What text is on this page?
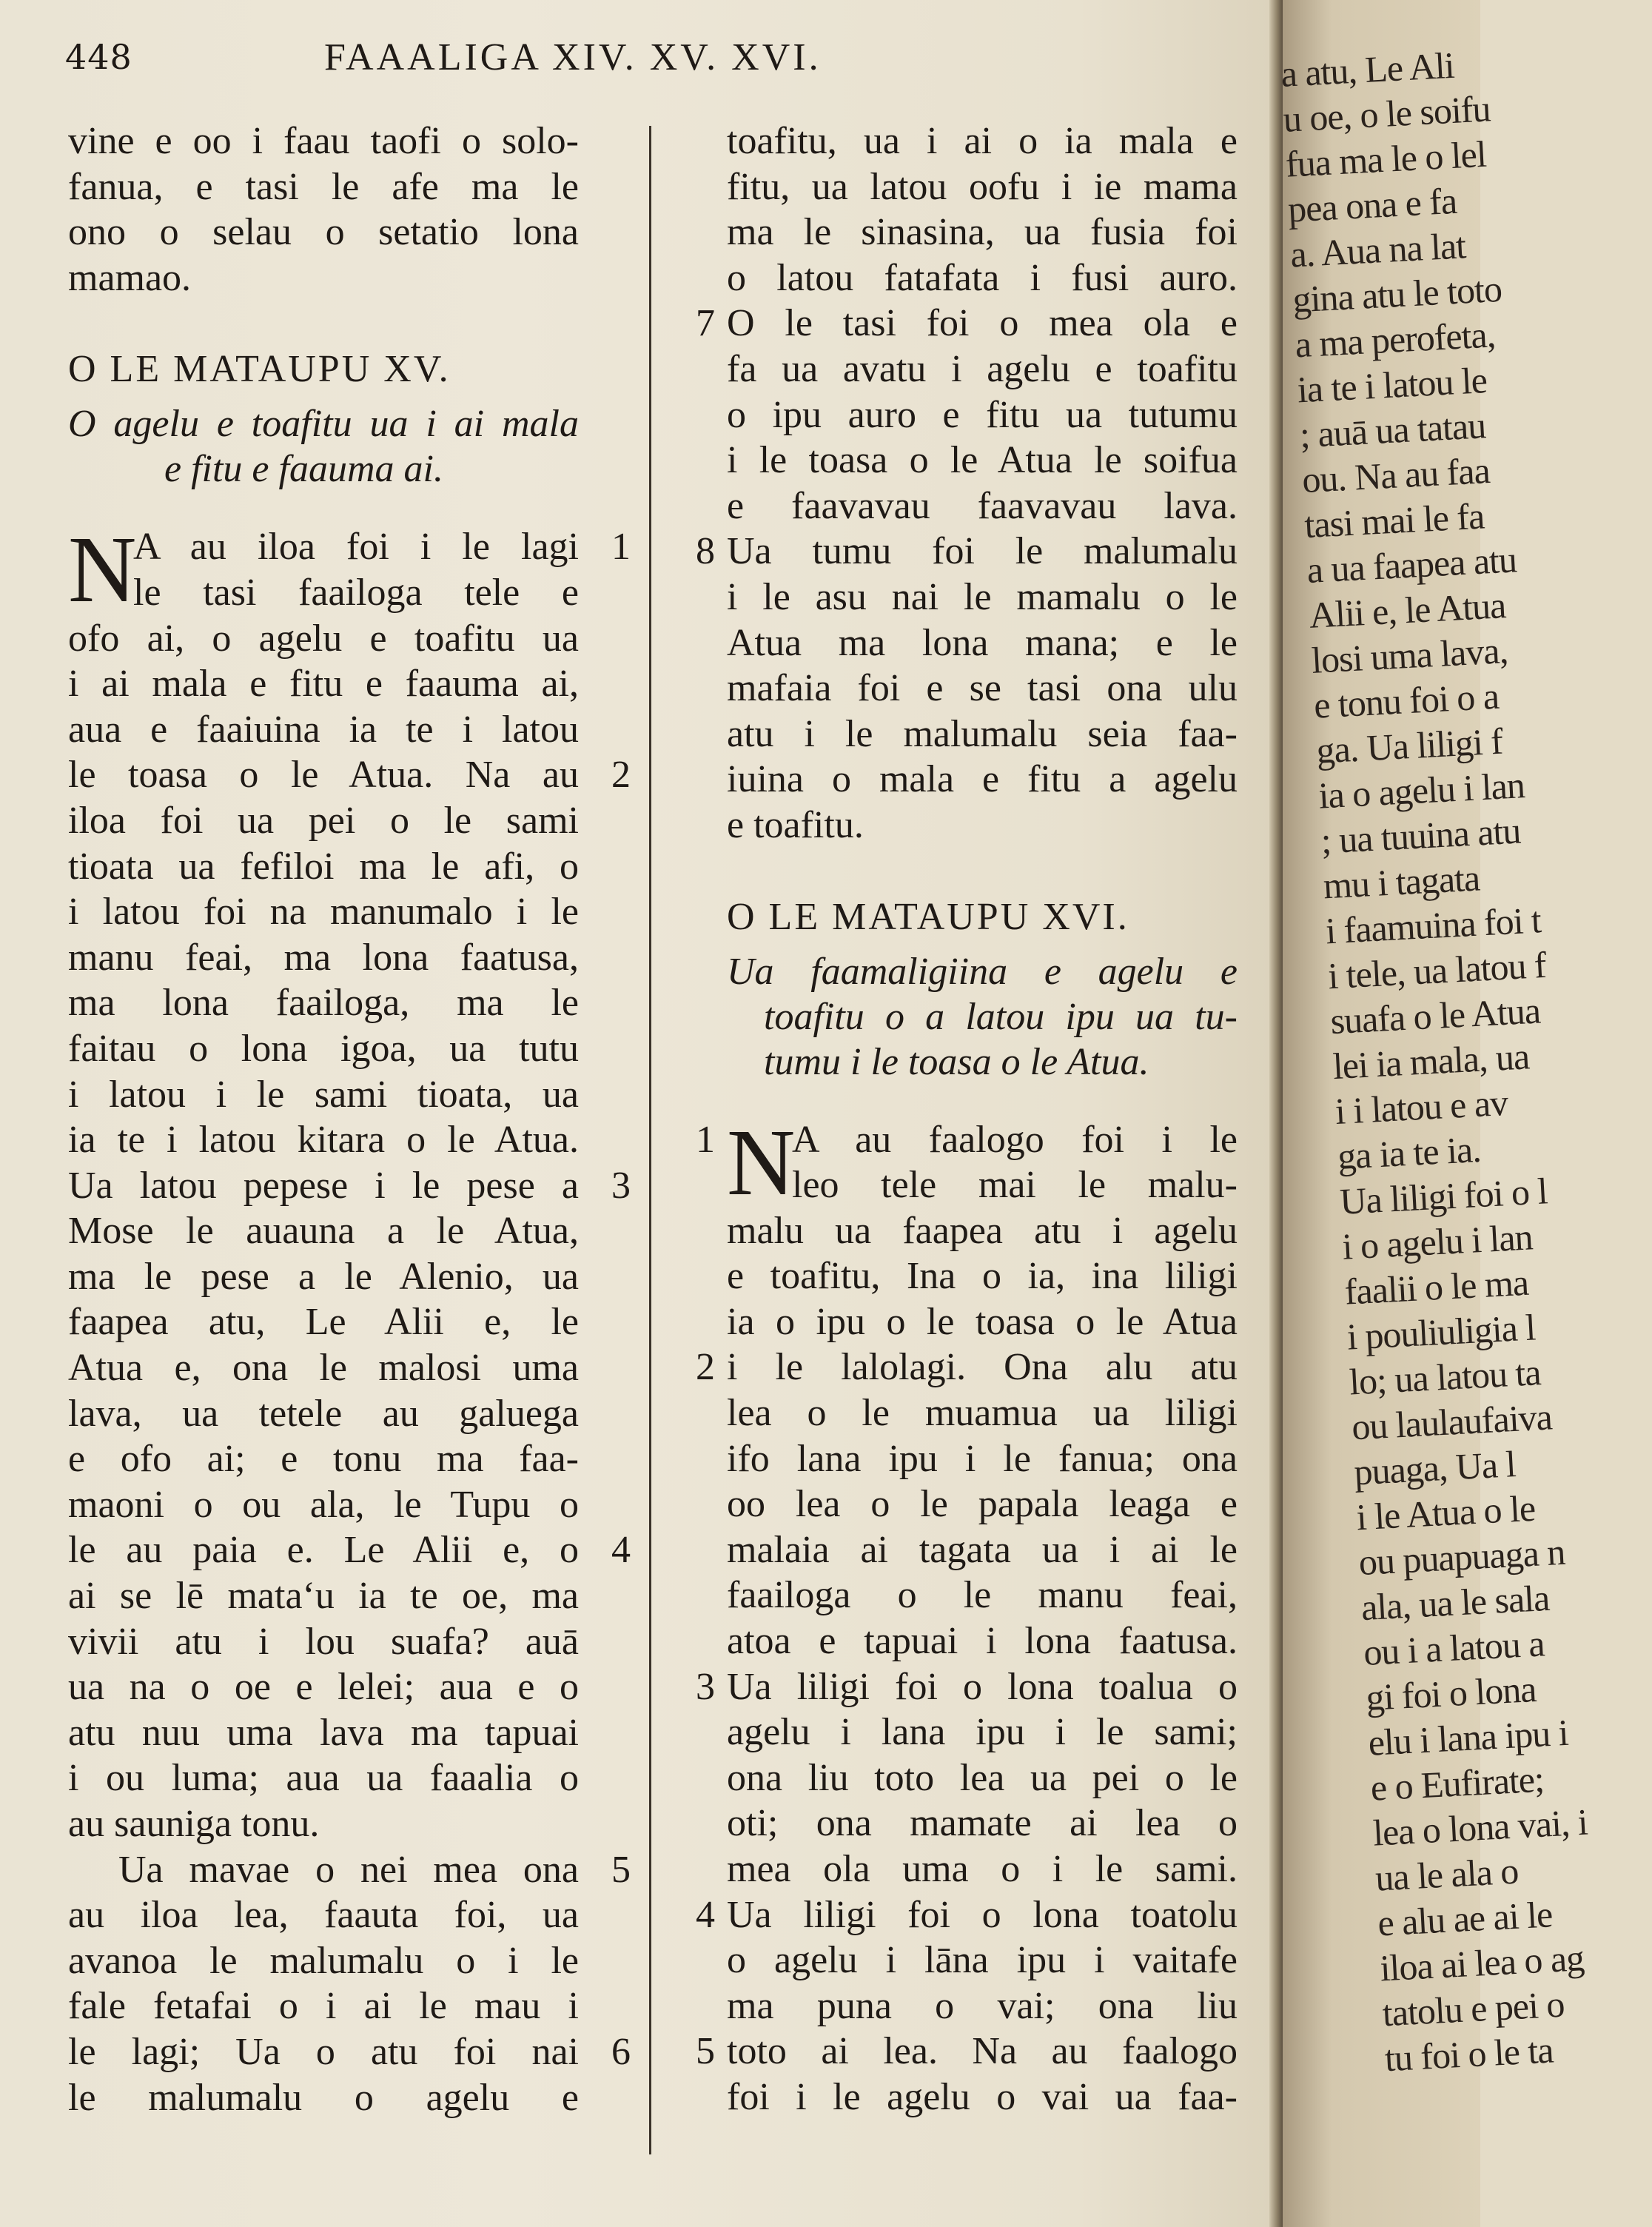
448	FAAALIGA XIV. XV. XVI.
vine e oo i faau taofi o solo-
fanua, e tasi le afe ma le
ono o selau o setatio lona
mamao.
O LE MATAUPU XV.
O agelu e toafitu ua i ai mala
e fitu e faauma ai.
N
A au iloa foi i le lagi 1
le tasi faailoga tele e
ofo ai, o agelu e toafitu ua
i ai mala e fitu e faauma ai,
aua e faaiuina ia te i latou
le toasa o le Atua. Na au 2
iloa foi ua pei o le sami
tioata ua fefiloi ma le afi, o
i latou foi na manumalo i le
manu feai, ma lona faatusa,
ma lona faailoga, ma le
faitau o lona igoa, ua tutu
i latou i le sami tioata, ua
ia te i latou kitara o le Atua.
Ua latou pepese i le pese a 3
Mose le auauna a le Atua,
ma le pese a le Alenio, ua
faapea atu, Le Alii e, le
Atua e, ona le malosi uma
lava, ua tetele au galuega
e ofo ai; e tonu ma faa-
maoni o ou ala, le Tupu o
le au paia e. Le Alii e, o 4
ai se lē mata‘u ia te oe, ma
vivii atu i lou suafa? auā
ua na o oe e lelei; aua e o
atu nuu uma lava ma tapuai
i ou luma; aua ua faaalia o
au sauniga tonu.
Ua mavae o nei mea ona 5
au iloa lea, faauta foi, ua
avanoa le malumalu o i le
fale fetafai o i ai le mau i
le lagi; Ua o atu foi nai 6
le malumalu o agelu e
toafitu, ua i ai o ia mala e
fitu, ua latou oofu i ie mama
ma le sinasina, ua fusia foi
o latou fatafata i fusi auro.
O le tasi foi o mea ola e
7
fa ua avatu i agelu e toafitu
o ipu auro e fitu ua tutumu
i le toasa o le Atua le soifua
e faavavau faavavau lava.
Ua tumu foi le malumalu
8
i le asu nai le mamalu o le
Atua ma lona mana; e le
mafaia foi e se tasi ona ulu
atu i le malumalu seia faa-
iuina o mala e fitu a agelu
e toafitu.
O LE MATAUPU XVI.
Ua faamaligiina e agelu e
toafitu o a latou ipu ua tu-
tumu i le toasa o le Atua.
N
A au faalogo foi i le
1
leo tele mai le malu-
malu ua faapea atu i agelu
e toafitu, Ina o ia, ina liligi
ia o ipu o le toasa o le Atua
i le lalolagi. Ona alu atu
2
lea o le muamua ua liligi
ifo lana ipu i le fanua; ona
oo lea o le papala leaga e
malaia ai tagata ua i ai le
faailoga o le manu feai,
atoa e tapuai i lona faatusa.
Ua liligi foi o lona toalua o
3
agelu i lana ipu i le sami;
ona liu toto lea ua pei o le
oti; ona mamate ai lea o
mea ola uma o i le sami.
Ua liligi foi o lona toatolu
4
o agelu i lāna ipu i vaitafe
ma puna o vai; ona liu
toto ai lea. Na au faalogo
5
foi i le agelu o vai ua faa-
a atu, Le Ali
u oe, o le soifu
fua ma le o lel
pea ona e fa
a. Aua na lat
gina atu le toto
a ma perofeta,
ia te i latou le
; auā ua tatau
ou. Na au faa
tasi mai le fa
a ua faapea atu
Alii e, le Atua
losi uma lava,
e tonu foi o a
ga. Ua liligi f
ia o agelu i lan
; ua tuuina atu
mu i tagata
i faamuina foi t
i tele, ua latou f
suafa o le Atua
lei ia mala, ua
i i latou e av
ga ia te ia.
Ua liligi foi o l
i o agelu i lan
faalii o le ma
i pouliuligia l
lo; ua latou ta
ou laulaufaiva
puaga, Ua l
i le Atua o le
ou puapuaga n
ala, ua le sala
ou i a latou a
gi foi o lona
elu i lana ipu i
e o Eufirate;
lea o lona vai, i
ua le ala o
e alu ae ai le
iloa ai lea o ag
tatolu e pei o
tu foi o le ta
